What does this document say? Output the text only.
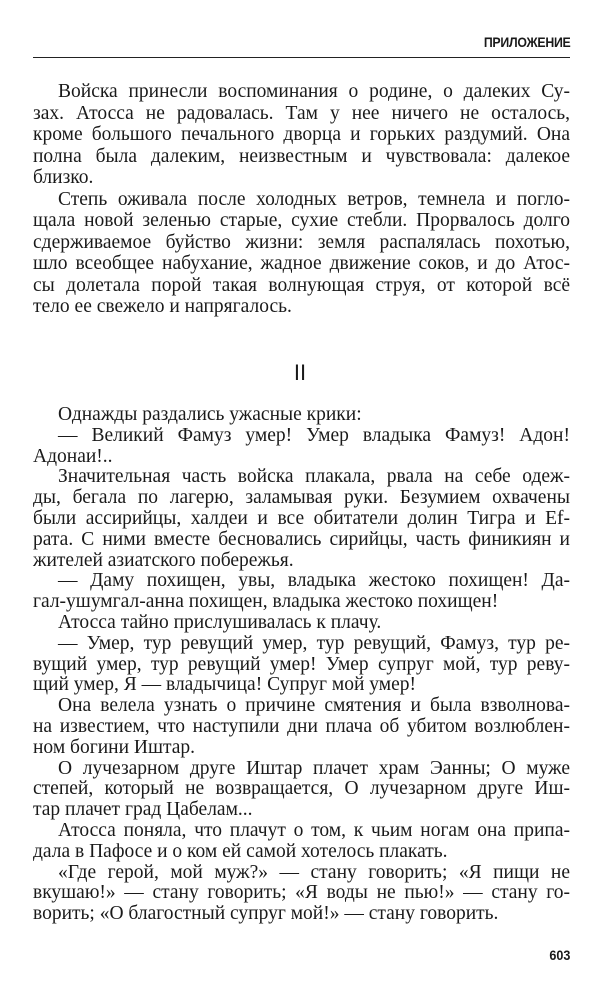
ПРИЛОЖЕНИЕ
Войска принесли воспоминания о родине, о далеких Су-
зах. Атосса не радовалась. Там у нее ничего не осталось,
кроме большого печального дворца и горьких раздумий. Она
полна была далеким, неизвестным и чувствовала: далекое
близко.
Степь оживала после холодных ветров, темнела и погло-
щала новой зеленью старые, сухие стебли. Прорвалось долго
сдерживаемое буйство жизни: земля распалялась похотью,
шло всеобщее набухание, жадное движение соков, и до Атос-
сы долетала порой такая волнующая струя, от которой всё
тело ее свежело и напрягалось.
II
Однажды раздались ужасные крики:
— Великий Фамуз умер! Умер владыка Фамуз! Адон!
Адонаи!..
Значительная часть войска плакала, рвала на себе одеж-
ды, бегала по лагерю, заламывая руки. Безумием охвачены
были ассирийцы, халдеи и все обитатели долин Тигра и Ef-
рата. С ними вместе бесновались сирийцы, часть финикиян и
жителей азиатского побережья.
— Даму похищен, увы, владыка жестоко похищен! Да-
гал-ушумгал-анна похищен, владыка жестоко похищен!
Атосса тайно прислушивалась к плачу.
— Умер, тур ревущий умер, тур ревущий, Фамуз, тур ре-
вущий умер, тур ревущий умер! Умер супруг мой, тур реву-
щий умер, Я — владычица! Супруг мой умер!
Она велела узнать о причине смятения и была взволнова-
на известием, что наступили дни плача об убитом возлюблен-
ном богини Иштар.
О лучезарном друге Иштар плачет храм Эанны; О муже
степей, который не возвращается, О лучезарном друге Иш-
тар плачет град Цабелам...
Атосса поняла, что плачут о том, к чьим ногам она припа-
дала в Пафосе и о ком ей самой хотелось плакать.
«Где герой, мой муж?» — стану говорить; «Я пищи не
вкушаю!» — стану говорить; «Я воды не пью!» — стану го-
ворить; «О благостный супруг мой!» — стану говорить.
603
